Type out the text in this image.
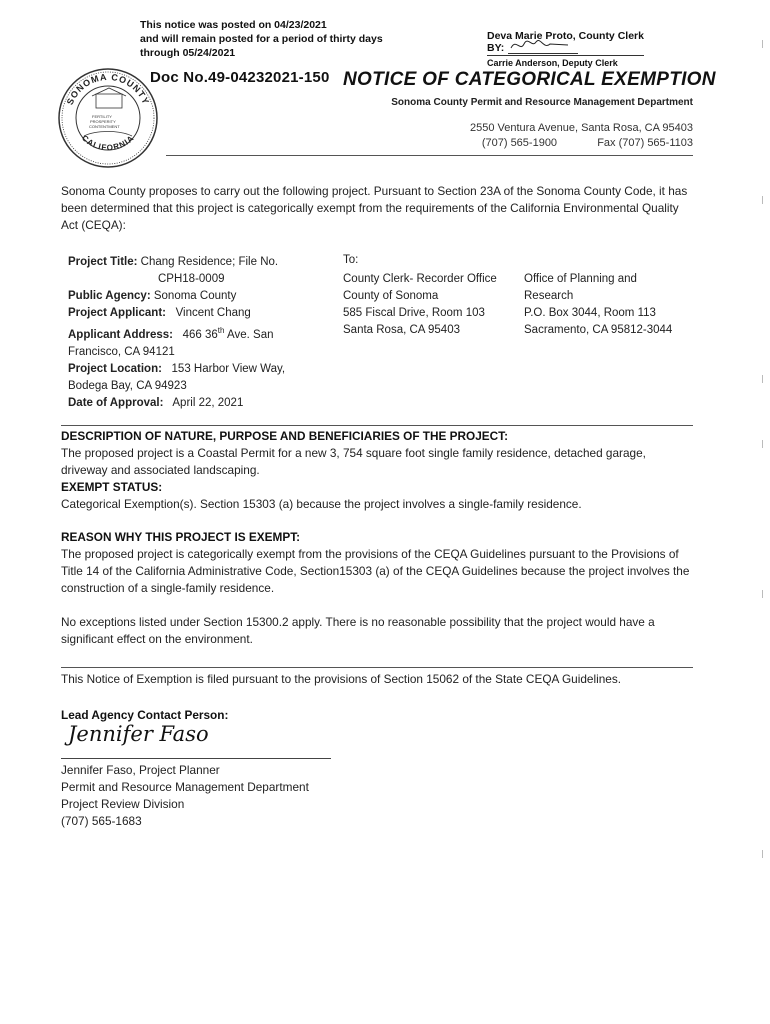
This notice was posted on 04/23/2021
and will remain posted for a period of thirty days
through 05/24/2021
Deva Marie Proto, County Clerk
BY:
Carrie Anderson, Deputy Clerk
SONOMA COUNTY
CALIFORNIA
FERTILITY
PROSPERITY
CONTENTMENT
Doc No.49-04232021-150 NOTICE OF CATEGORICAL EXEMPTION
Sonoma County Permit and Resource Management Department
2550 Ventura Avenue, Santa Rosa, CA 95403
(707) 565-1900	Fax (707) 565-1103
Sonoma County proposes to carry out the following project. Pursuant to Section 23A of the Sonoma County Code, it has been determined that this project is categorically exempt from the requirements of the California Environmental Quality Act (CEQA):
Project Title: Chang Residence; File No.
CPH18-0009
Public Agency: Sonoma County
Project Applicant: Vincent Chang
Applicant Address: 466 36th Ave. San
Francisco, CA 94121
Project Location: 153 Harbor View Way,
Bodega Bay, CA 94923
Date of Approval: April 22, 2021
To:
County Clerk- Recorder Office
County of Sonoma
585 Fiscal Drive, Room 103
Santa Rosa, CA 95403
Office of Planning and
Research
P.O. Box 3044, Room 113
Sacramento, CA 95812-3044
DESCRIPTION OF NATURE, PURPOSE AND BENEFICIARIES OF THE PROJECT:
The proposed project is a Coastal Permit for a new 3, 754 square foot single family residence, detached garage, driveway and associated landscaping.
EXEMPT STATUS:
Categorical Exemption(s). Section 15303 (a) because the project involves a single-family residence.
REASON WHY THIS PROJECT IS EXEMPT:
The proposed project is categorically exempt from the provisions of the CEQA Guidelines pursuant to the Provisions of Title 14 of the California Administrative Code, Section15303 (a) of the CEQA Guidelines because the project involves the construction of a single-family residence.
No exceptions listed under Section 15300.2 apply. There is no reasonable possibility that the project would have a significant effect on the environment.
This Notice of Exemption is filed pursuant to the provisions of Section 15062 of the State CEQA Guidelines.
Lead Agency Contact Person:
Jennifer Faso
Jennifer Faso, Project Planner
Permit and Resource Management Department
Project Review Division
(707) 565-1683
